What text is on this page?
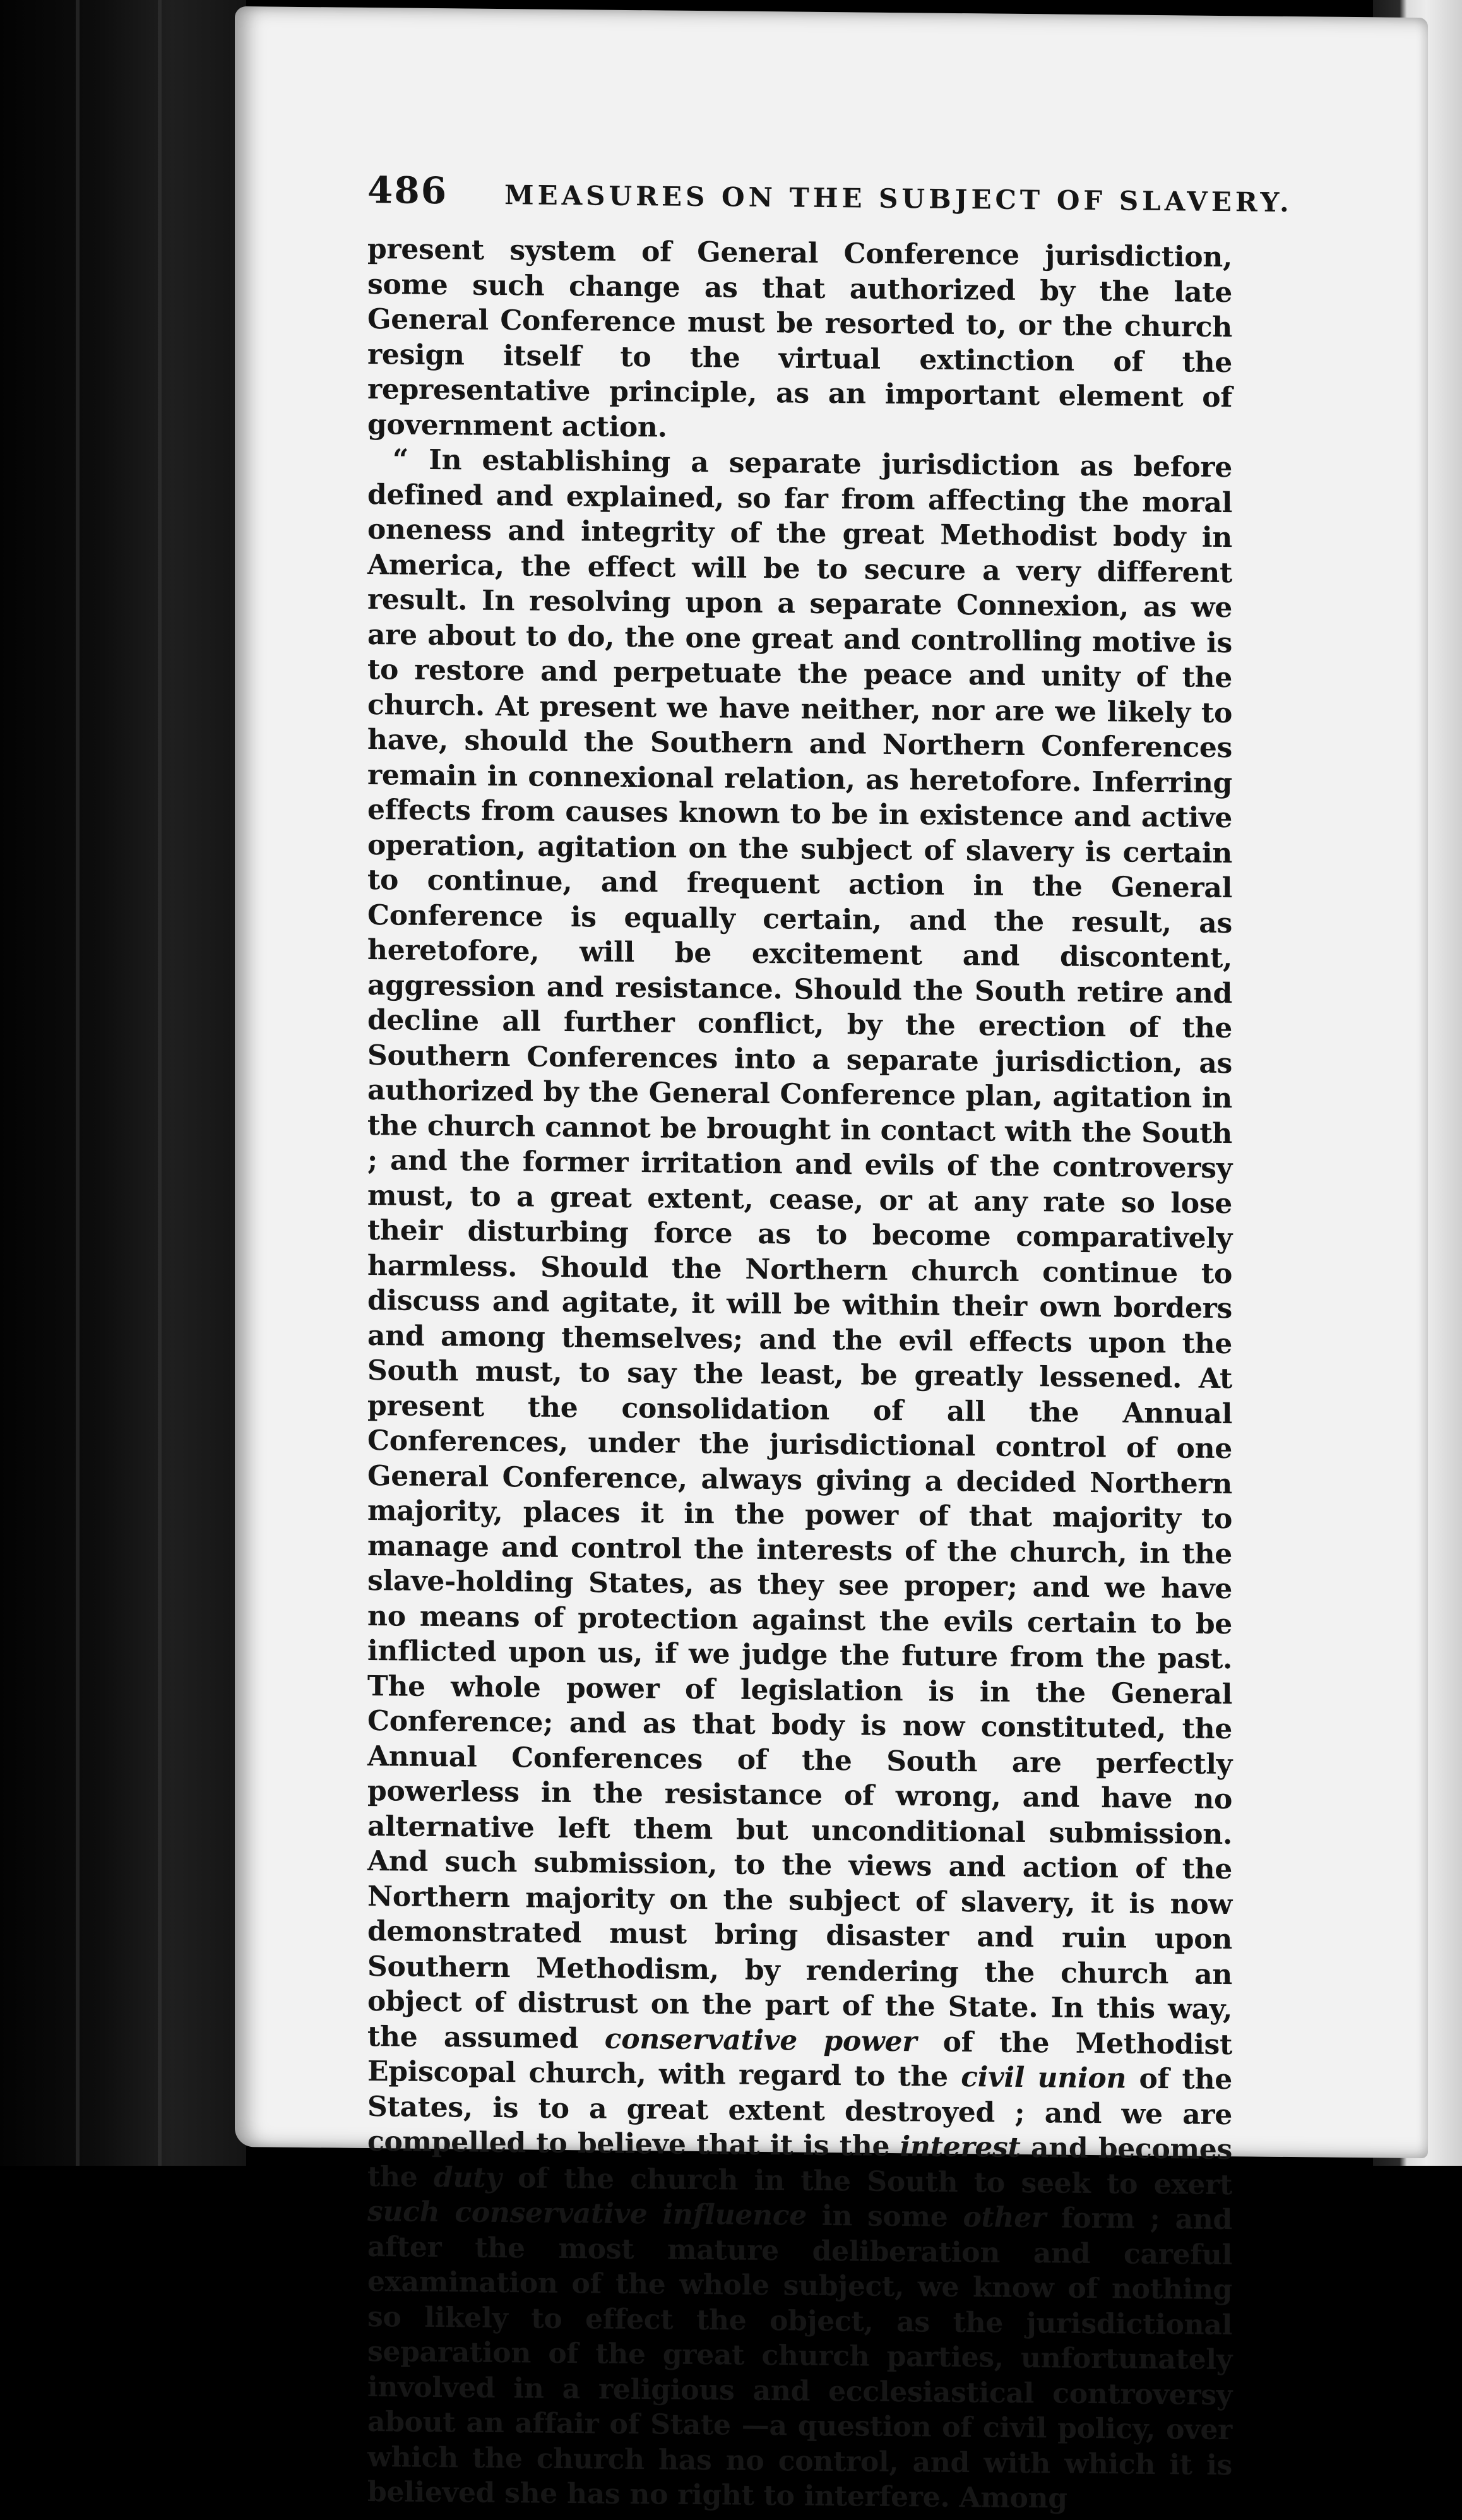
486 MEASURES ON THE SUBJECT OF SLAVERY.

present system of General Conference jurisdiction, some such change as that authorized by the late General Conference must be resorted to, or the church resign itself to the virtual extinction of the representative principle, as an important element of government action.

“ In establishing a separate jurisdiction as before defined and explained, so far from affecting the moral oneness and integrity of the great Methodist body in America, the effect will be to secure a very different result. In resolving upon a separate Connexion, as we are about to do, the one great and controlling motive is to restore and perpetuate the peace and unity of the church. At present we have neither, nor are we likely to have, should the Southern and Northern Conferences remain in connexional relation, as heretofore. Inferring effects from causes known to be in existence and active operation, agitation on the subject of slavery is certain to continue, and frequent action in the General Conference is equally certain, and the result, as heretofore, will be excitement and discontent, aggression and resistance. Should the South retire and decline all further conflict, by the erection of the Southern Conferences into a separate jurisdiction, as authorized by the General Conference plan, agitation in the church cannot be brought in contact with the South ; and the former irritation and evils of the controversy must, to a great extent, cease, or at any rate so lose their disturbing force as to become comparatively harmless. Should the Northern church continue to discuss and agitate, it will be within their own borders and among themselves; and the evil effects upon the South must, to say the least, be greatly lessened. At present the consolidation of all the Annual Conferences, under the jurisdictional control of one General Conference, always giving a decided Northern majority, places it in the power of that majority to manage and control the interests of the church, in the slave-holding States, as they see proper; and we have no means of protection against the evils certain to be inflicted upon us, if we judge the future from the past. The whole power of legislation is in the General Conference; and as that body is now constituted, the Annual Conferences of the South are perfectly powerless in the resistance of wrong, and have no alternative left them but unconditional submission. And such submission, to the views and action of the Northern majority on the subject of slavery, it is now demonstrated must bring disaster and ruin upon Southern Methodism, by rendering the church an object of distrust on the part of the State. In this way, the assumed conservative power of the Methodist Episcopal church, with regard to the civil union of the States, is to a great extent destroyed ; and we are compelled to believe that it is the interest and becomes the duty of the church in the South to seek to exert such conservative influence in some other form ; and after the most mature deliberation and careful examination of the whole subject, we know of nothing so likely to effect the object, as the jurisdictional separation of the great church parties, unfortunately involved in a religious and ecclesiastical controversy about an affair of State —a question of civil policy, over which the church has no control, and with which it is believed she has no right to interfere. Among
